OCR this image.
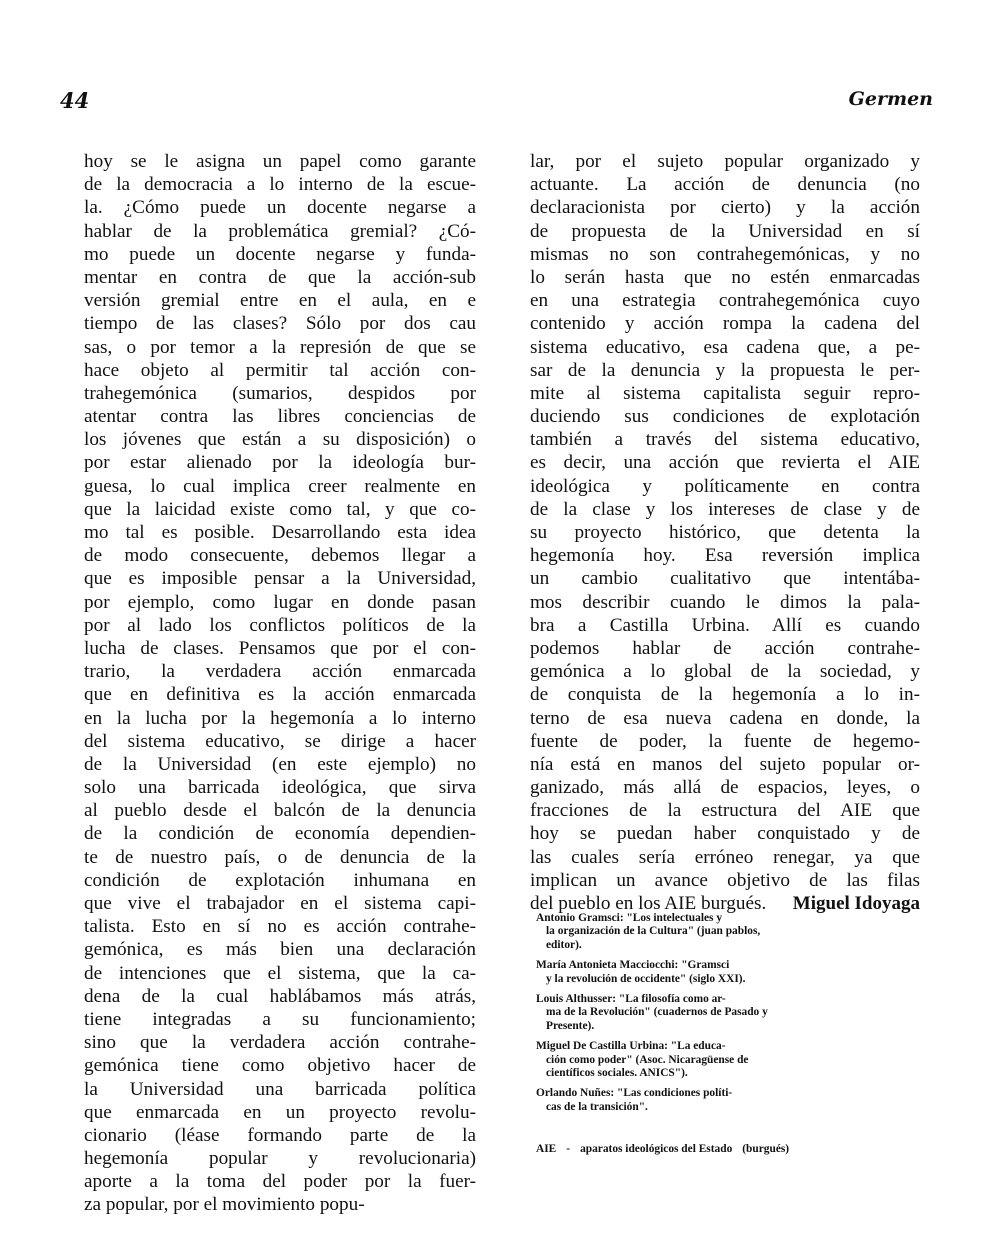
44	Germen
hoy se le asigna un papel como garante
de la democracia a lo interno de la escue-
la. ¿Cómo puede un docente negarse a
hablar de la problemática gremial? ¿Có-
mo puede un docente negarse y funda-
mentar en contra de que la acción-sub
versión gremial entre en el aula, en e
tiempo de las clases? Sólo por dos cau
sas, o por temor a la represión de que se
hace objeto al permitir tal acción con-
trahegemónica (sumarios, despidos por
atentar contra las libres conciencias de
los jóvenes que están a su disposición) o
por estar alienado por la ideología bur-
guesa, lo cual implica creer realmente en
que la laicidad existe como tal, y que co-
mo tal es posible. Desarrollando esta idea
de modo consecuente, debemos llegar a
que es imposible pensar a la Universidad,
por ejemplo, como lugar en donde pasan
por al lado los conflictos políticos de la
lucha de clases. Pensamos que por el con-
trario, la verdadera acción enmarcada
que en definitiva es la acción enmarcada
en la lucha por la hegemonía a lo interno
del sistema educativo, se dirige a hacer
de la Universidad (en este ejemplo) no
solo una barricada ideológica, que sirva
al pueblo desde el balcón de la denuncia
de la condición de economía dependien-
te de nuestro país, o de denuncia de la
condición de explotación inhumana en
que vive el trabajador en el sistema capi-
talista. Esto en sí no es acción contrahe-
gemónica, es más bien una declaración
de intenciones que el sistema, que la ca-
dena de la cual hablábamos más atrás,
tiene integradas a su funcionamiento;
sino que la verdadera acción contrahe-
gemónica tiene como objetivo hacer de
la Universidad una barricada política
que enmarcada en un proyecto revolu-
cionario (léase formando parte de la
hegemonía popular y revolucionaria)
aporte a la toma del poder por la fuer-
za popular, por el movimiento popu-
lar, por el sujeto popular organizado y
actuante. La acción de denuncia (no
declaracionista por cierto) y la acción
de propuesta de la Universidad en sí
mismas no son contrahegemónicas, y no
lo serán hasta que no estén enmarcadas
en una estrategia contrahegemónica cuyo
contenido y acción rompa la cadena del
sistema educativo, esa cadena que, a pe-
sar de la denuncia y la propuesta le per-
mite al sistema capitalista seguir repro-
duciendo sus condiciones de explotación
también a través del sistema educativo,
es decir, una acción que revierta el AIE
ideológica y políticamente en contra
de la clase y los intereses de clase y de
su proyecto histórico, que detenta la
hegemonía hoy. Esa reversión implica
un cambio cualitativo que intentába-
mos describir cuando le dimos la pala-
bra a Castilla Urbina. Allí es cuando
podemos hablar de acción contrahe-
gemónica a lo global de la sociedad, y
de conquista de la hegemonía a lo in-
terno de esa nueva cadena en donde, la
fuente de poder, la fuente de hegemo-
nía está en manos del sujeto popular or-
ganizado, más allá de espacios, leyes, o
fracciones de la estructura del AIE que
hoy se puedan haber conquistado y de
las cuales sería erróneo renegar, ya que
implican un avance objetivo de las filas
del pueblo en los AIE burgués.	Miguel Idoyaga
Antonio Gramsci: "Los intelectuales y
la organización de la Cultura" (juan pablos, editor).
María Antonieta Macciocchi: "Gramsci
y la revolución de occidente" (siglo XXI).
Louis Althusser: "La filosofía como ar-
ma de la Revolución" (cuadernos de Pasado y Presente).
Miguel De Castilla Urbina: "La educa-
ción como poder" (Asoc. Nicaragüense de científicos sociales. ANICS").
Orlando Nuñes: "Las condiciones políti-
cas de la transición".
AIE - aparatos ideológicos del Estado (burgués)
